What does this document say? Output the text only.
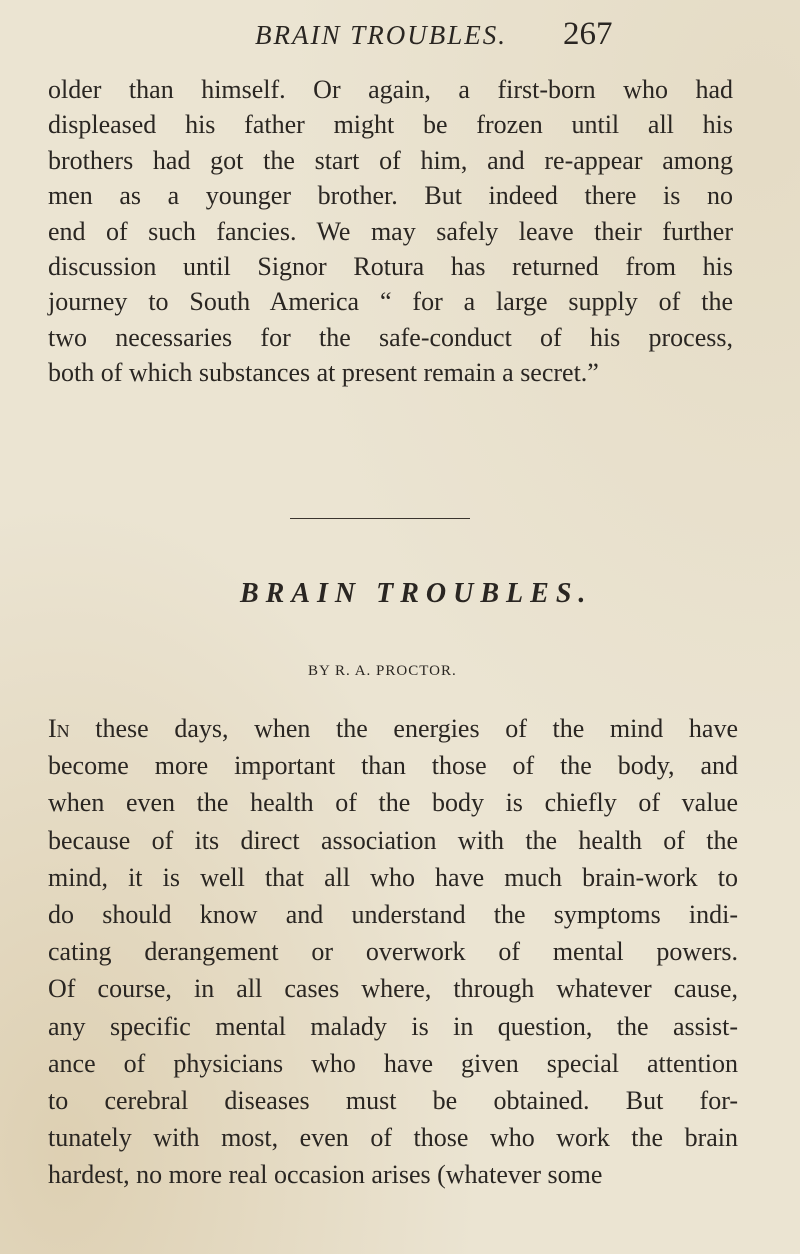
BRAIN TROUBLES. 267

older than himself. Or again, a first-born who had
displeased his father might be frozen until all his
brothers had got the start of him, and re-appear among
men as a younger brother. But indeed there is no
end of such fancies. We may safely leave their further
discussion until Signor Rotura has returned from his
journey to South America “ for a large supply of the
two necessaries for the safe-conduct of his process,
both of which substances at present remain a secret.”

BRAIN TROUBLES.
BY R. A. PROCTOR.

In these days, when the energies of the mind have
become more important than those of the body, and
when even the health of the body is chiefly of value
because of its direct association with the health of the
mind, it is well that all who have much brain-work to
do should know and understand the symptoms indi-
cating derangement or overwork of mental powers.
Of course, in all cases where, through whatever cause,
any specific mental malady is in question, the assist-
ance of physicians who have given special attention
to cerebral diseases must be obtained. But for-
tunately with most, even of those who work the brain
hardest, no more real occasion arises (whatever some
